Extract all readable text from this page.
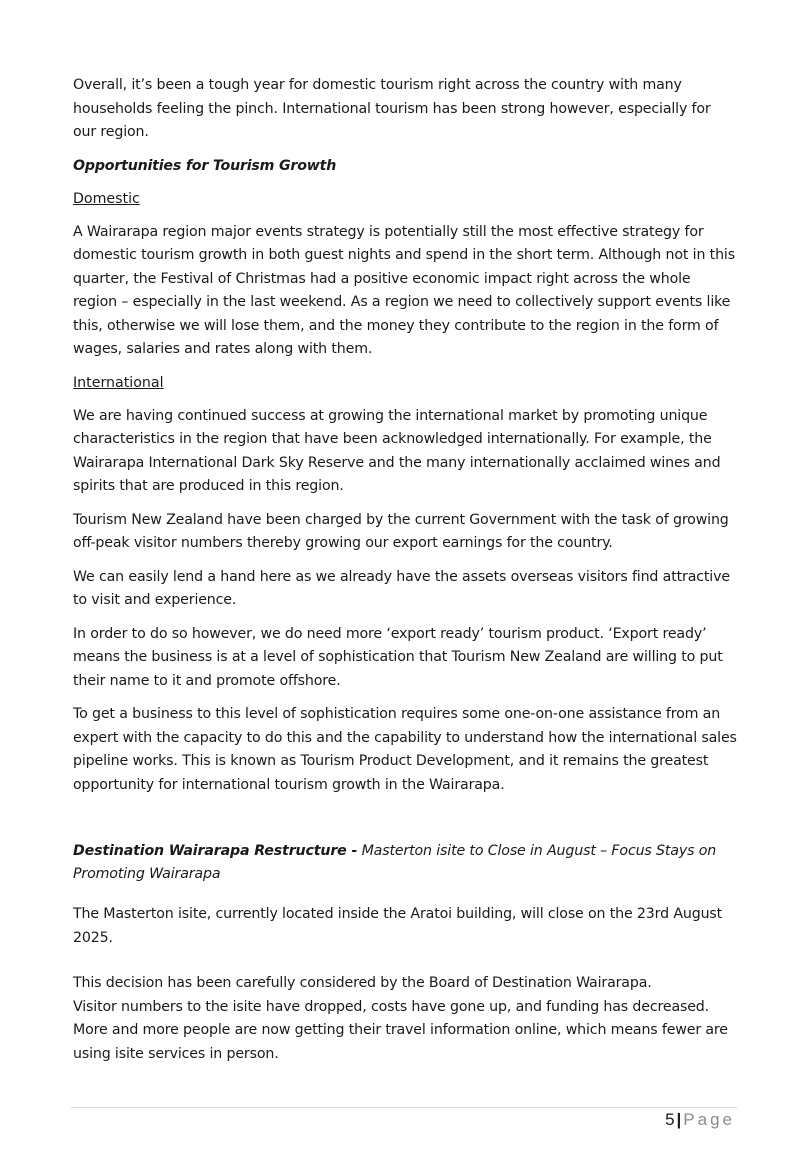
Overall, it’s been a tough year for domestic tourism right across the country with many households feeling the pinch. International tourism has been strong however, especially for our region.

Opportunities for Tourism Growth

Domestic

A Wairarapa region major events strategy is potentially still the most effective strategy for domestic tourism growth in both guest nights and spend in the short term. Although not in this quarter, the Festival of Christmas had a positive economic impact right across the whole region – especially in the last weekend. As a region we need to collectively support events like this, otherwise we will lose them, and the money they contribute to the region in the form of wages, salaries and rates along with them.

International

We are having continued success at growing the international market by promoting unique characteristics in the region that have been acknowledged internationally. For example, the Wairarapa International Dark Sky Reserve and the many internationally acclaimed wines and spirits that are produced in this region.

Tourism New Zealand have been charged by the current Government with the task of growing off-peak visitor numbers thereby growing our export earnings for the country.

We can easily lend a hand here as we already have the assets overseas visitors find attractive to visit and experience.

In order to do so however, we do need more ‘export ready’ tourism product. ‘Export ready’ means the business is at a level of sophistication that Tourism New Zealand are willing to put their name to it and promote offshore.

To get a business to this level of sophistication requires some one-on-one assistance from an expert with the capacity to do this and the capability to understand how the international sales pipeline works. This is known as Tourism Product Development, and it remains the greatest opportunity for international tourism growth in the Wairarapa.

Destination Wairarapa Restructure - Masterton isite to Close in August – Focus Stays on Promoting Wairarapa

The Masterton isite, currently located inside the Aratoi building, will close on the 23rd August 2025.

This decision has been carefully considered by the Board of Destination Wairarapa.
Visitor numbers to the isite have dropped, costs have gone up, and funding has decreased. More and more people are now getting their travel information online, which means fewer are using isite services in person.
5 | Page
